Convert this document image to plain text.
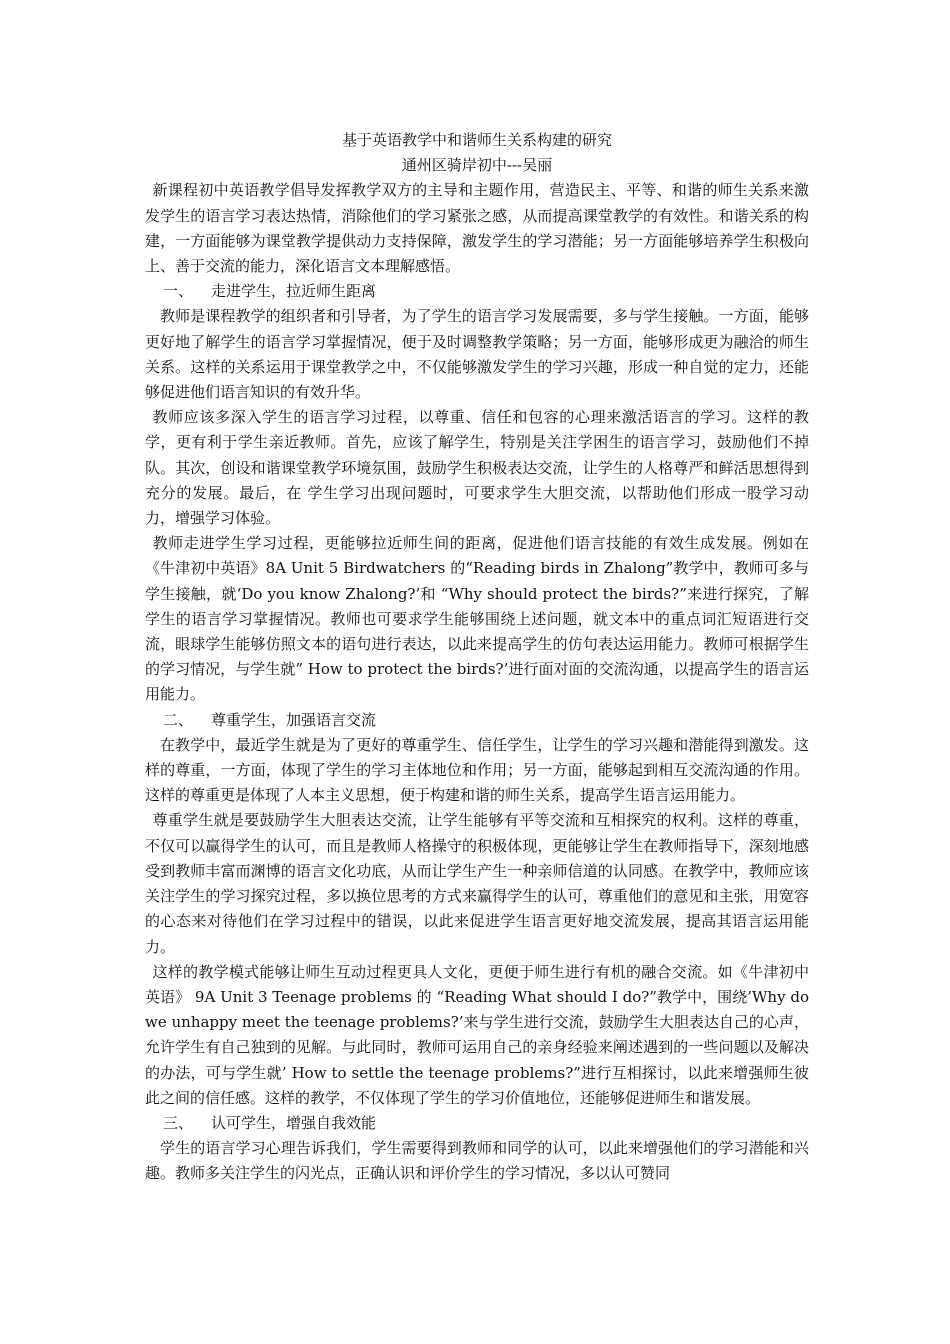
基于英语教学中和谐师生关系构建的研究
通州区骑岸初中---吴丽

新课程初中英语教学倡导发挥教学双方的主导和主题作用，营造民主、平等、和谐的师生关系来激发学生的语言学习表达热情，消除他们的学习紧张之感，从而提高课堂教学的有效性。和谐关系的构建，一方面能够为课堂教学提供动力支持保障，激发学生的学习潜能；另一方面能够培养学生积极向上、善于交流的能力，深化语言文本理解感悟。

一、 走进学生，拉近师生距离

教师是课程教学的组织者和引导者，为了学生的语言学习发展需要，多与学生接触。一方面，能够更好地了解学生的语言学习掌握情况，便于及时调整教学策略；另一方面，能够形成更为融洽的师生关系。这样的关系运用于课堂教学之中，不仅能够激发学生的学习兴趣，形成一种自觉的定力，还能够促进他们语言知识的有效升华。

教师应该多深入学生的语言学习过程，以尊重、信任和包容的心理来激活语言的学习。这样的教学，更有利于学生亲近教师。首先，应该了解学生，特别是关注学困生的语言学习，鼓励他们不掉队。其次，创设和谐课堂教学环境氛围，鼓励学生积极表达交流，让学生的人格尊严和鲜活思想得到充分的发展。最后，在 学生学习出现问题时，可要求学生大胆交流，以帮助他们形成一股学习动力，增强学习体验。

教师走进学生学习过程，更能够拉近师生间的距离，促进他们语言技能的有效生成发展。例如在《牛津初中英语》8A Unit 5 Birdwatchers 的“Reading birds in Zhalong”教学中，教师可多与学生接触，就‘Do you know Zhalong?’和 “Why should protect the birds?”来进行探究，了解学生的语言学习掌握情况。教师也可要求学生能够围绕上述问题，就文本中的重点词汇短语进行交流，眼球学生能够仿照文本的语句进行表达，以此来提高学生的仿句表达运用能力。教师可根据学生的学习情况，与学生就” How to protect the birds?’进行面对面的交流沟通，以提高学生的语言运用能力。

二、 尊重学生，加强语言交流

在教学中，最近学生就是为了更好的尊重学生、信任学生，让学生的学习兴趣和潜能得到激发。这样的尊重，一方面，体现了学生的学习主体地位和作用；另一方面，能够起到相互交流沟通的作用。这样的尊重更是体现了人本主义思想，便于构建和谐的师生关系，提高学生语言运用能力。

尊重学生就是要鼓励学生大胆表达交流，让学生能够有平等交流和互相探究的权利。这样的尊重，不仅可以赢得学生的认可，而且是教师人格操守的积极体现，更能够让学生在教师指导下，深刻地感受到教师丰富而渊博的语言文化功底，从而让学生产生一种亲师信道的认同感。在教学中，教师应该关注学生的学习探究过程，多以换位思考的方式来赢得学生的认可，尊重他们的意见和主张，用宽容的心态来对待他们在学习过程中的错误，以此来促进学生语言更好地交流发展，提高其语言运用能力。

这样的教学模式能够让师生互动过程更具人文化，更便于师生进行有机的融合交流。如《牛津初中英语》 9A Unit 3 Teenage problems 的 “Reading What should I do?”教学中，围绕’Why do we unhappy meet the teenage problems?’来与学生进行交流，鼓励学生大胆表达自己的心声，允许学生有自己独到的见解。与此同时，教师可运用自己的亲身经验来阐述遇到的一些问题以及解决的办法，可与学生就’ How to settle the teenage problems?”进行互相探讨，以此来增强师生彼此之间的信任感。这样的教学，不仅体现了学生的学习价值地位，还能够促进师生和谐发展。

三、 认可学生，增强自我效能

学生的语言学习心理告诉我们，学生需要得到教师和同学的认可，以此来增强他们的学习潜能和兴趣。教师多关注学生的闪光点，正确认识和评价学生的学习情况，多以认可赞同
